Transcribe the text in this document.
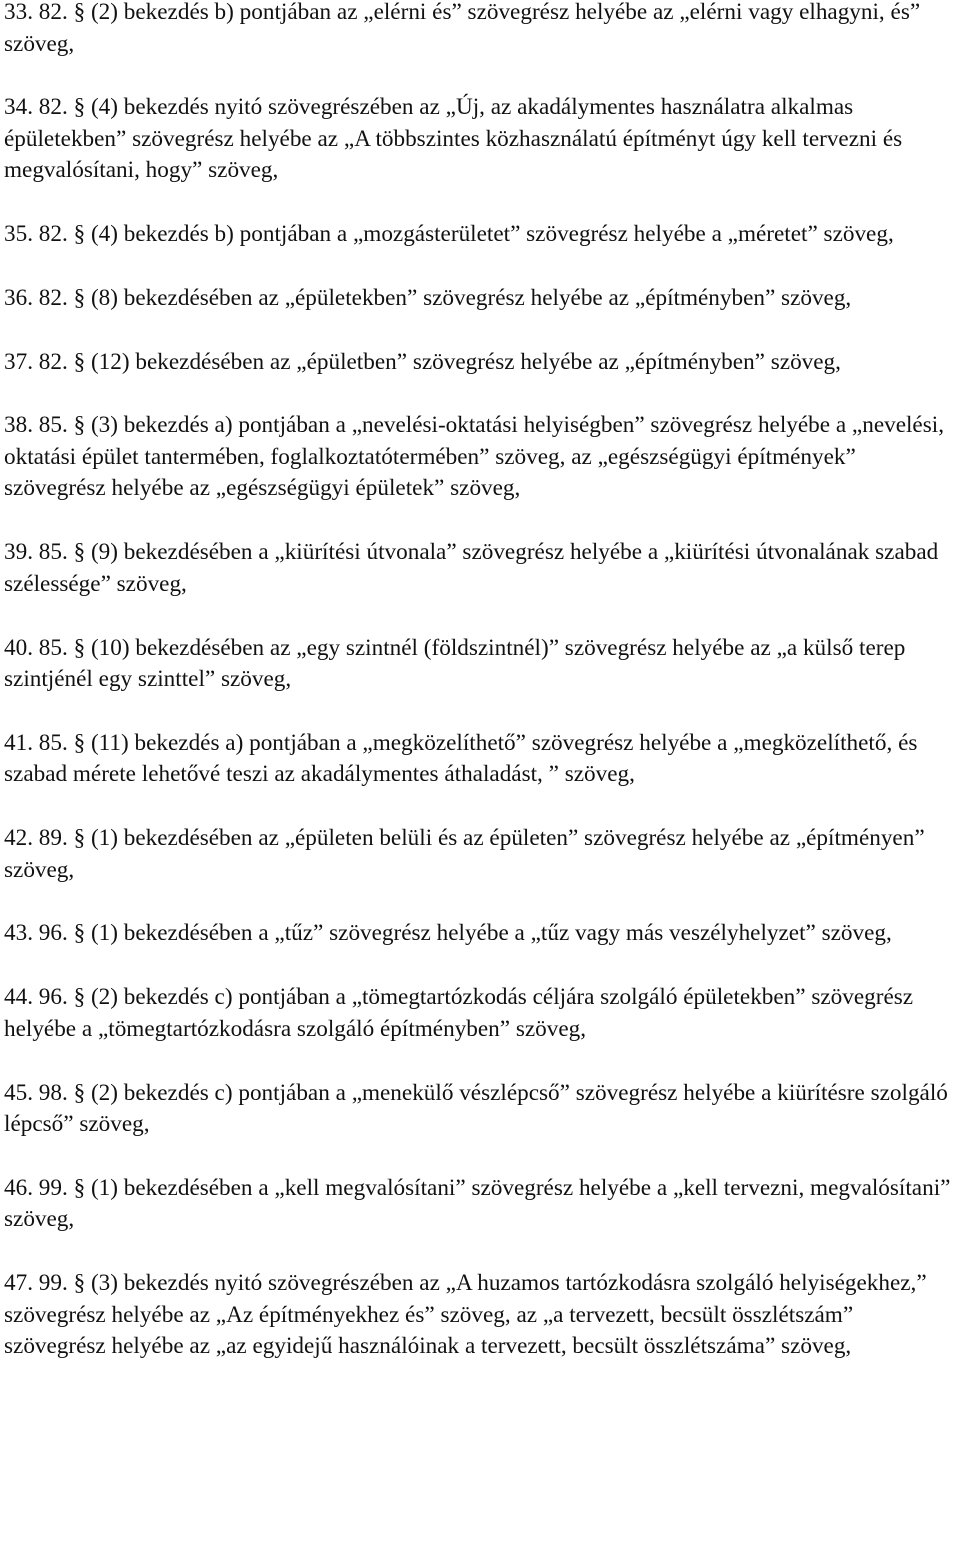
33. 82. § (2) bekezdés b) pontjában az „elérni és” szövegrész helyébe az „elérni vagy elhagyni, és” szöveg,

34. 82. § (4) bekezdés nyitó szövegrészében az „Új, az akadálymentes használatra alkalmas épületekben” szövegrész helyébe az „A többszintes közhasználatú építményt úgy kell tervezni és megvalósítani, hogy” szöveg,

35. 82. § (4) bekezdés b) pontjában a „mozgásterületet” szövegrész helyébe a „méretet” szöveg,

36. 82. § (8) bekezdésében az „épületekben” szövegrész helyébe az „építményben” szöveg,

37. 82. § (12) bekezdésében az „épületben” szövegrész helyébe az „építményben” szöveg,

38. 85. § (3) bekezdés a) pontjában a „nevelési-oktatási helyiségben” szövegrész helyébe a „nevelési, oktatási épület tantermében, foglalkoztatótermében” szöveg, az „egészségügyi építmények” szövegrész helyébe az „egészségügyi épületek” szöveg,

39. 85. § (9) bekezdésében a „kiürítési útvonala” szövegrész helyébe a „kiürítési útvonalának szabad szélessége” szöveg,

40. 85. § (10) bekezdésében az „egy szintnél (földszintnél)” szövegrész helyébe az „a külső terep szintjénél egy szinttel” szöveg,

41. 85. § (11) bekezdés a) pontjában a „megközelíthető” szövegrész helyébe a „megközelíthető, és szabad mérete lehetővé teszi az akadálymentes áthaladást, ” szöveg,

42. 89. § (1) bekezdésében az „épületen belüli és az épületen” szövegrész helyébe az „építményen” szöveg,

43. 96. § (1) bekezdésében a „tűz” szövegrész helyébe a „tűz vagy más veszélyhelyzet” szöveg,

44. 96. § (2) bekezdés c) pontjában a „tömegtartózkodás céljára szolgáló épületekben” szövegrész helyébe a „tömegtartózkodásra szolgáló építményben” szöveg,

45. 98. § (2) bekezdés c) pontjában a „menekülő vészlépcső” szövegrész helyébe a kiürítésre szolgáló lépcső” szöveg,

46. 99. § (1) bekezdésében a „kell megvalósítani” szövegrész helyébe a „kell tervezni, megvalósítani” szöveg,

47. 99. § (3) bekezdés nyitó szövegrészében az „A huzamos tartózkodásra szolgáló helyiségekhez,” szövegrész helyébe az „Az építményekhez és” szöveg, az „a tervezett, becsült összlétszám” szövegrész helyébe az „az egyidejű használóinak a tervezett, becsült összlétszáma” szöveg,
